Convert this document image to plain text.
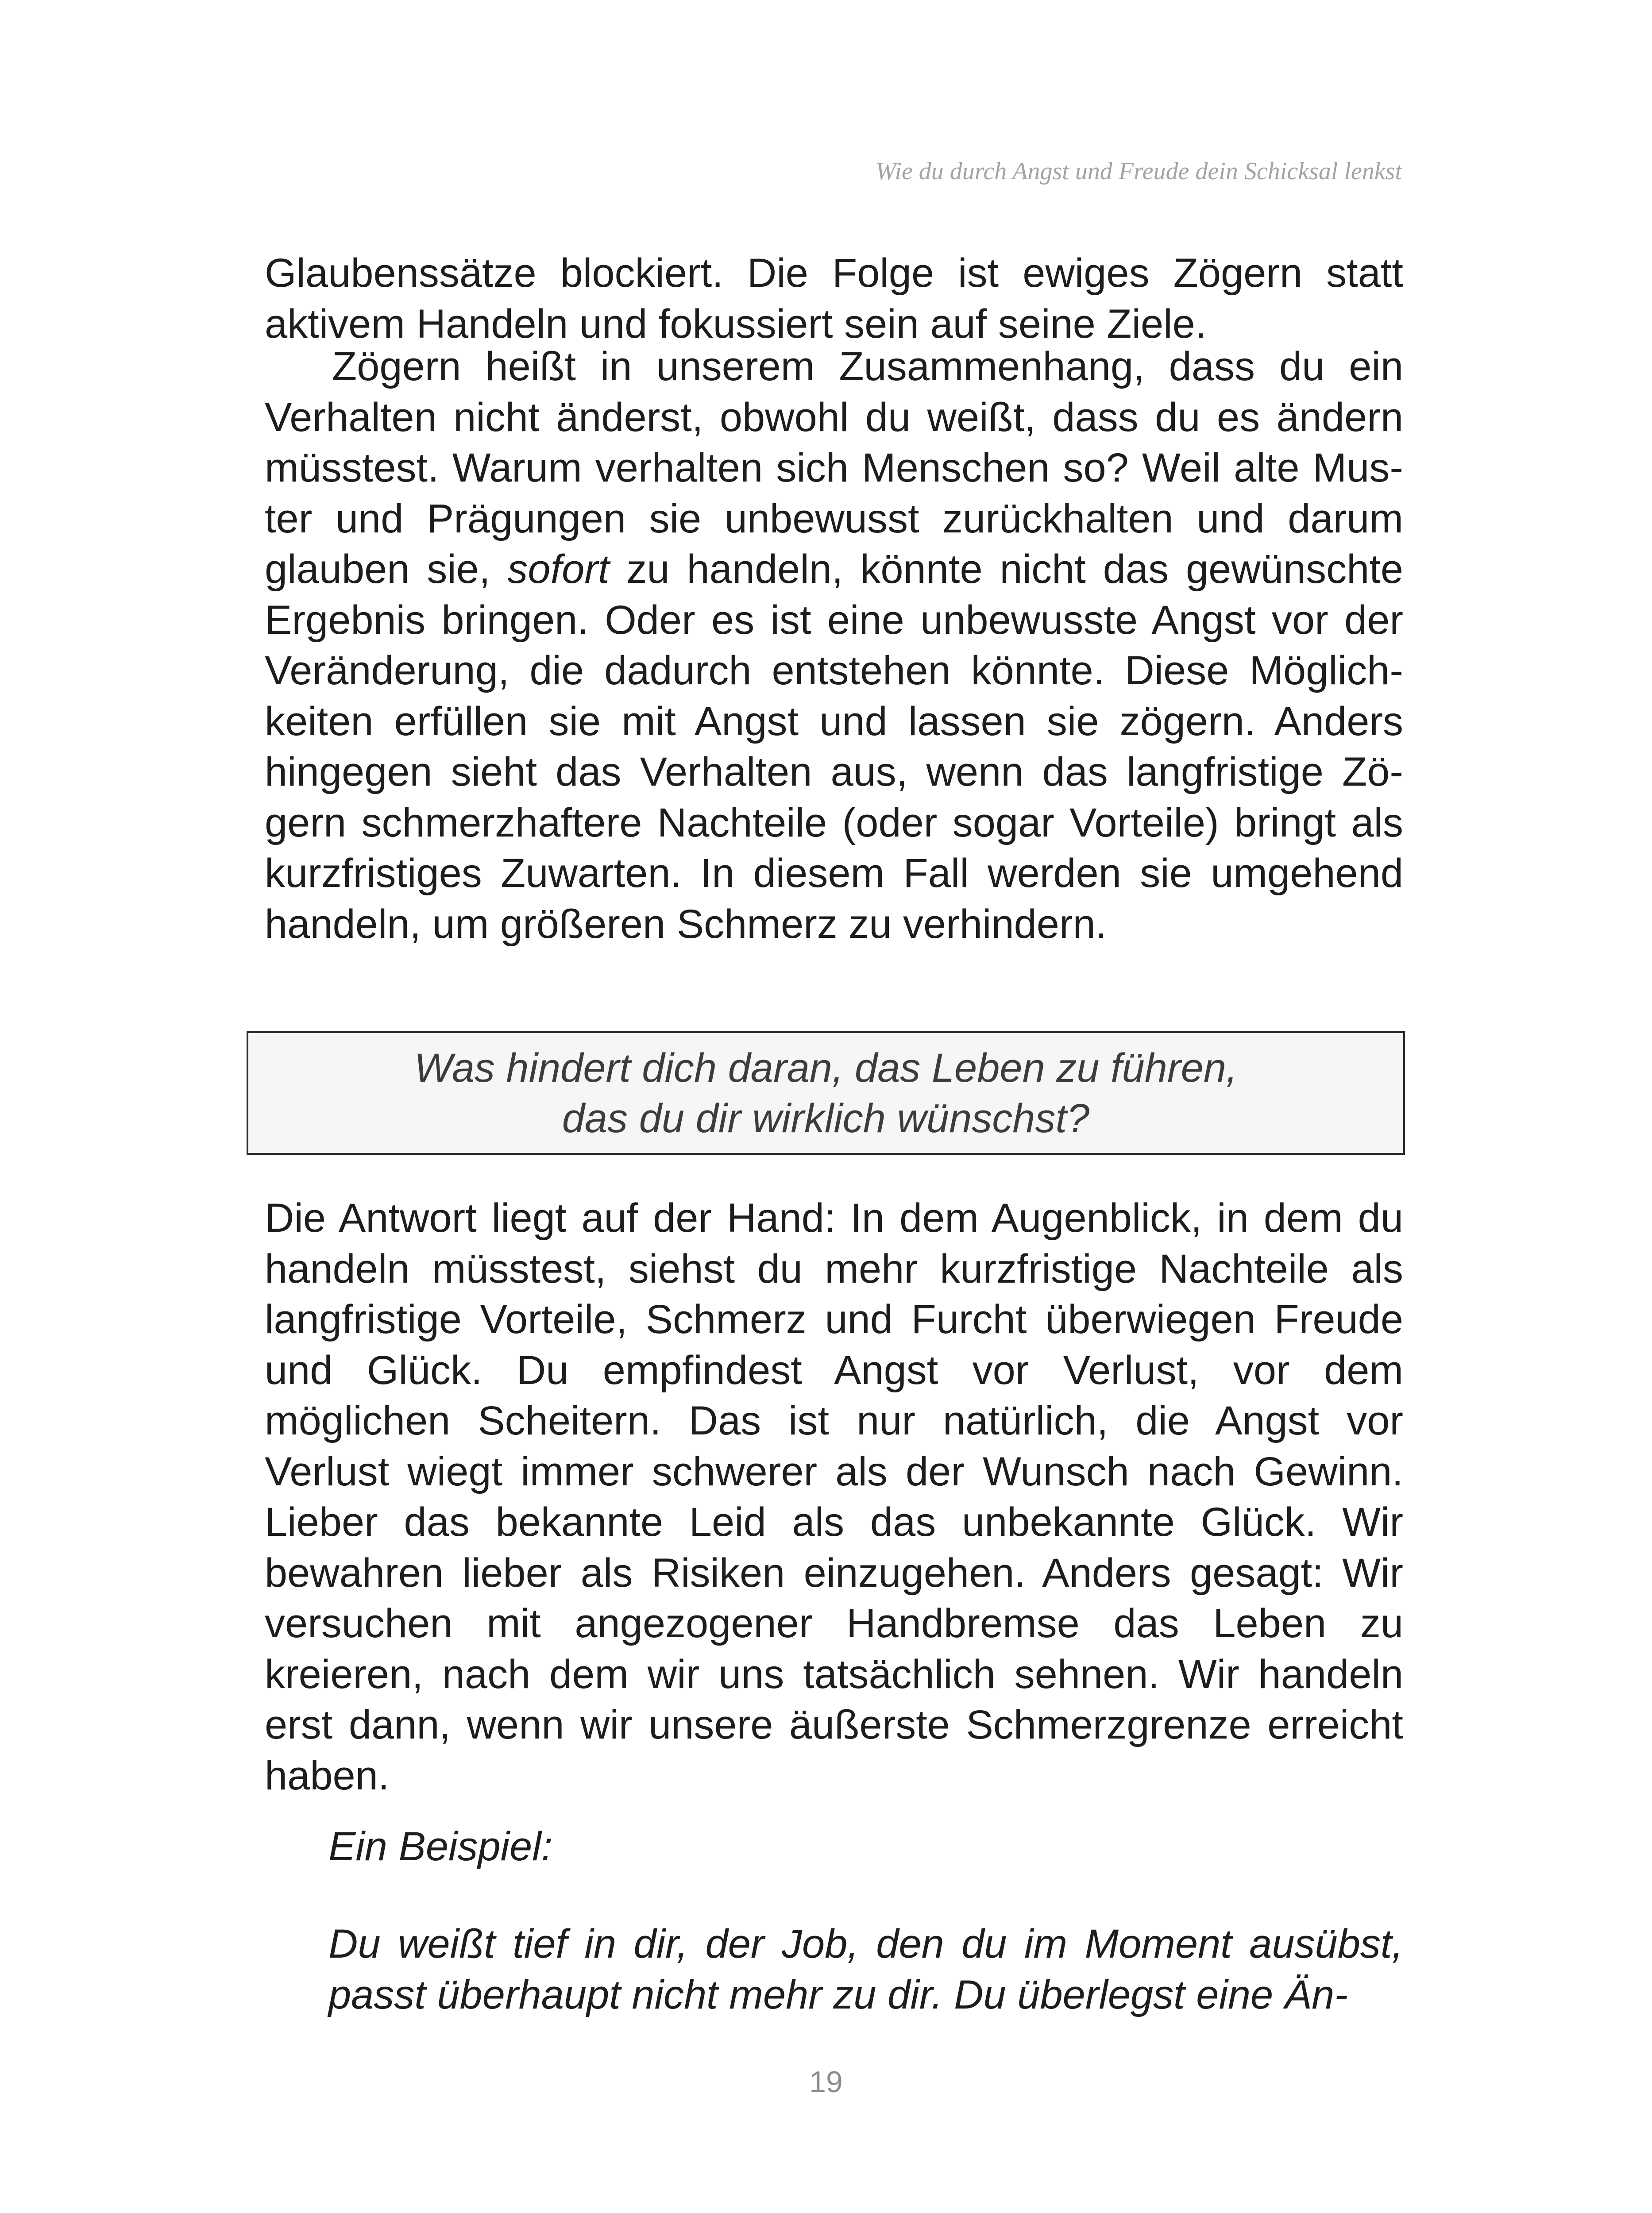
Wie du durch Angst und Freude dein Schicksal lenkst

Glaubenssätze blockiert. Die Folge ist ewiges Zögern statt aktivem Handeln und fokussiert sein auf seine Ziele.

Zögern heißt in unserem Zusammenhang, dass du ein Verhalten nicht änderst, obwohl du weißt, dass du es ändern müsstest. Warum verhalten sich Menschen so? Weil alte Muster und Prägungen sie unbewusst zurückhalten und darum glauben sie, sofort zu handeln, könnte nicht das gewünschte Ergebnis bringen. Oder es ist eine unbewusste Angst vor der Veränderung, die dadurch entstehen könnte. Diese Möglichkeiten erfüllen sie mit Angst und lassen sie zögern. Anders hingegen sieht das Verhalten aus, wenn das langfristige Zögern schmerzhaftere Nachteile (oder sogar Vorteile) bringt als kurzfristiges Zuwarten. In diesem Fall werden sie umgehend handeln, um größeren Schmerz zu verhindern.

Was hindert dich daran, das Leben zu führen,
das du dir wirklich wünschst?

Die Antwort liegt auf der Hand: In dem Augenblick, in dem du handeln müsstest, siehst du mehr kurzfristige Nachteile als langfristige Vorteile, Schmerz und Furcht überwiegen Freude und Glück. Du empfindest Angst vor Verlust, vor dem möglichen Scheitern. Das ist nur natürlich, die Angst vor Verlust wiegt immer schwerer als der Wunsch nach Gewinn. Lieber das bekannte Leid als das unbekannte Glück. Wir bewahren lieber als Risiken einzugehen. Anders gesagt: Wir versuchen mit angezogener Handbremse das Leben zu kreieren, nach dem wir uns tatsächlich sehnen. Wir handeln erst dann, wenn wir unsere äußerste Schmerzgrenze erreicht haben.

Ein Beispiel:
Du weißt tief in dir, der Job, den du im Moment ausübst, passt überhaupt nicht mehr zu dir. Du überlegst eine Än-
19
